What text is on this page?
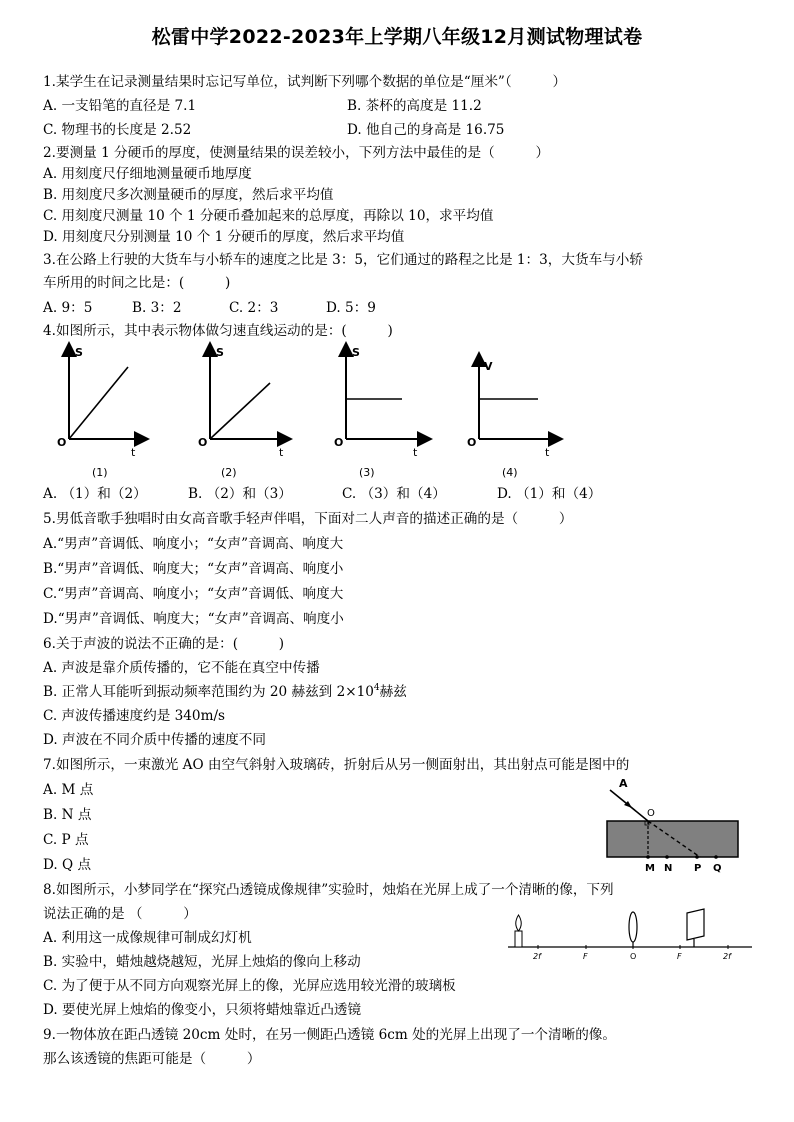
松雷中学2022-2023年上学期八年级12月测试物理试卷
1.某学生在记录测量结果时忘记写单位，试判断下列哪个数据的单位是“厘米”（　　　）
A. 一支铅笔的直径是 7.1	B. 茶杯的高度是 11.2
C. 物理书的长度是 2.52	D. 他自己的身高是 16.75
2.要测量 1 分硬币的厚度，使测量结果的误差较小，下列方法中最佳的是（　　　）
A. 用刻度尺仔细地测量硬币地厚度
B. 用刻度尺多次测量硬币的厚度，然后求平均值
C. 用刻度尺测量 10 个 1 分硬币叠加起来的总厚度，再除以 10，求平均值
D. 用刻度尺分别测量 10 个 1 分硬币的厚度，然后求平均值
3.在公路上行驶的大货车与小轿车的速度之比是 3：5，它们通过的路程之比是 1：3，大货车与小轿
车所用的时间之比是：(　　　)
A. 9：5	B. 3：2	C. 2：3	D. 5：9
4.如图所示，其中表示物体做匀速直线运动的是：(　　　)
S
t
O
(1)
S
t
O
(2)
S
t
O
(3)
V
t
O
(4)
A. （1）和（2）	B. （2）和（3）	C. （3）和（4）	D. （1）和（4）
5.男低音歌手独唱时由女高音歌手轻声伴唱，下面对二人声音的描述正确的是（　　　）
A.“男声”音调低、响度小；“女声”音调高、响度大
B.“男声”音调低、响度大；“女声”音调高、响度小
C.“男声”音调高、响度小；“女声”音调低、响度大
D.“男声”音调低、响度大；“女声”音调高、响度小
6.关于声波的说法不正确的是：(　　　)
A. 声波是靠介质传播的，它不能在真空中传播
B. 正常人耳能听到振动频率范围约为 20 赫兹到 $2\times 10^4$赫兹
C. 声波传播速度约是 340m/s
D. 声波在不同介质中传播的速度不同
7.如图所示，一束激光 AO 由空气斜射入玻璃砖，折射后从另一侧面射出，其出射点可能是图中的
A. M 点
B. N 点
C. P 点
D. Q 点
A
O
M N P Q
8.如图所示，小梦同学在“探究凸透镜成像规律”实验时，烛焰在光屏上成了一个清晰的像，下列
说法正确的是 （　　　）
A. 利用这一成像规律可制成幻灯机
B. 实验中，蜡烛越烧越短，光屏上烛焰的像向上移动
C. 为了便于从不同方向观察光屏上的像，光屏应选用较光滑的玻璃板
D. 要使光屏上烛焰的像变小，只须将蜡烛靠近凸透镜
2f	F	O	F	2f
9.一物体放在距凸透镜 20cm 处时，在另一侧距凸透镜 6cm 处的光屏上出现了一个清晰的像。
那么该透镜的焦距可能是（　　　）
